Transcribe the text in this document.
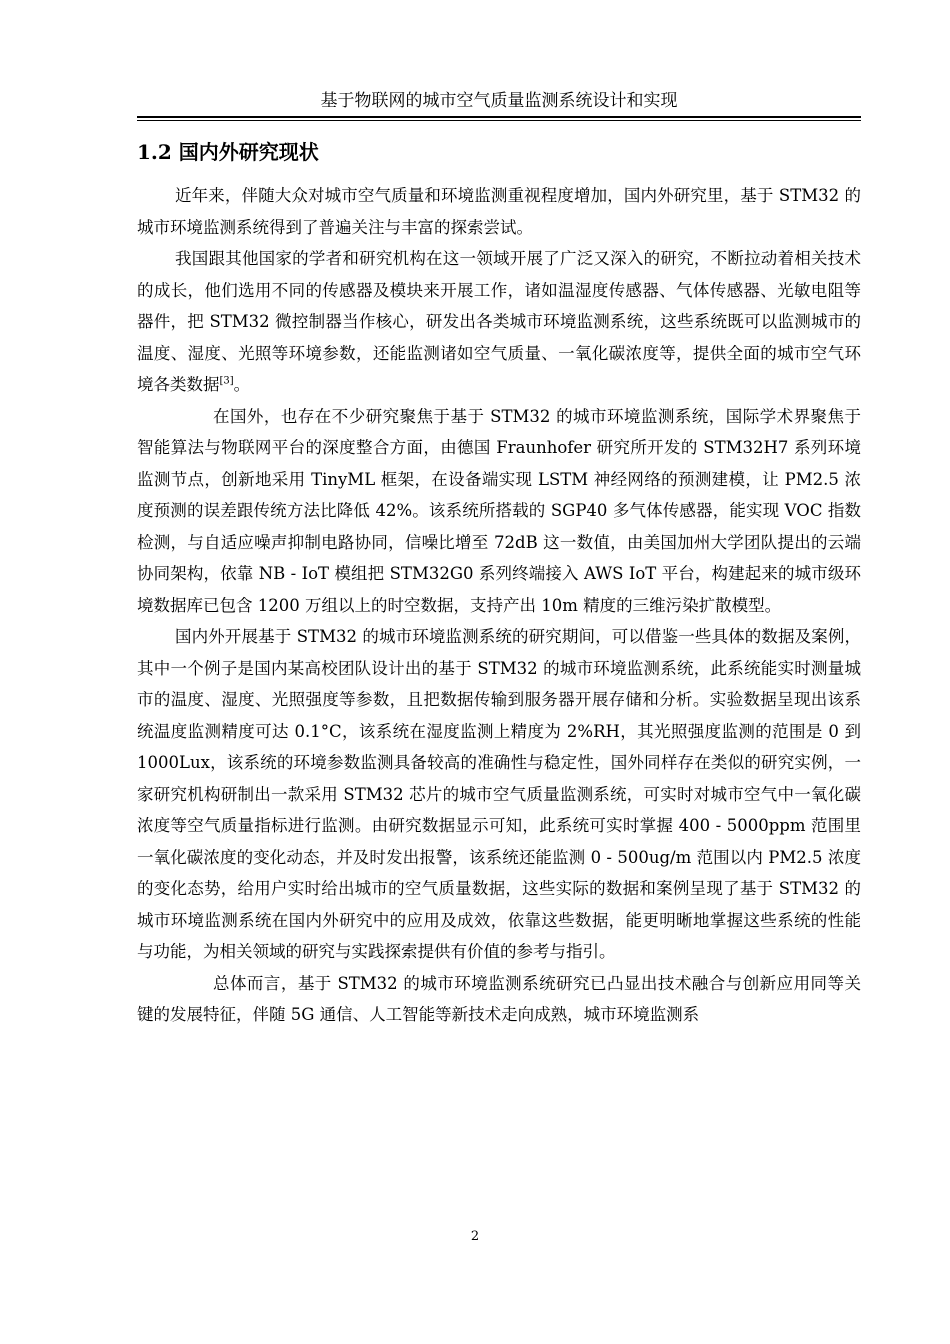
基于物联网的城市空气质量监测系统设计和实现
1.2 国内外研究现状

近年来，伴随大众对城市空气质量和环境监测重视程度增加，国内外研究里，基于 STM32 的城市环境监测系统得到了普遍关注与丰富的探索尝试。

我国跟其他国家的学者和研究机构在这一领域开展了广泛又深入的研究，不断拉动着相关技术的成长，他们选用不同的传感器及模块来开展工作，诸如温湿度传感器、气体传感器、光敏电阻等器件，把 STM32 微控制器当作核心，研发出各类城市环境监测系统，这些系统既可以监测城市的温度、湿度、光照等环境参数，还能监测诸如空气质量、一氧化碳浓度等，提供全面的城市空气环境各类数据[3]。

在国外，也存在不少研究聚焦于基于 STM32 的城市环境监测系统，国际学术界聚焦于智能算法与物联网平台的深度整合方面，由德国 Fraunhofer 研究所开发的 STM32H7 系列环境监测节点，创新地采用 TinyML 框架，在设备端实现 LSTM 神经网络的预测建模，让 PM2.5 浓度预测的误差跟传统方法比降低 42%。该系统所搭载的 SGP40 多气体传感器，能实现 VOC 指数检测，与自适应噪声抑制电路协同，信噪比增至 72dB 这一数值，由美国加州大学团队提出的云端协同架构，依靠 NB - IoT 模组把 STM32G0 系列终端接入 AWS IoT 平台，构建起来的城市级环境数据库已包含 1200 万组以上的时空数据，支持产出 10m 精度的三维污染扩散模型。

国内外开展基于 STM32 的城市环境监测系统的研究期间，可以借鉴一些具体的数据及案例，其中一个例子是国内某高校团队设计出的基于 STM32 的城市环境监测系统，此系统能实时测量城市的温度、湿度、光照强度等参数，且把数据传输到服务器开展存储和分析。实验数据呈现出该系统温度监测精度可达 0.1°C，该系统在湿度监测上精度为 2%RH，其光照强度监测的范围是 0 到 1000Lux，该系统的环境参数监测具备较高的准确性与稳定性，国外同样存在类似的研究实例，一家研究机构研制出一款采用 STM32 芯片的城市空气质量监测系统，可实时对城市空气中一氧化碳浓度等空气质量指标进行监测。由研究数据显示可知，此系统可实时掌握 400 - 5000ppm 范围里一氧化碳浓度的变化动态，并及时发出报警，该系统还能监测 0 - 500ug/m 范围以内 PM2.5 浓度的变化态势，给用户实时给出城市的空气质量数据，这些实际的数据和案例呈现了基于 STM32 的城市环境监测系统在国内外研究中的应用及成效，依靠这些数据，能更明晰地掌握这些系统的性能与功能，为相关领域的研究与实践探索提供有价值的参考与指引。

总体而言，基于 STM32 的城市环境监测系统研究已凸显出技术融合与创新应用同等关键的发展特征，伴随 5G 通信、人工智能等新技术走向成熟，城市环境监测系

2
